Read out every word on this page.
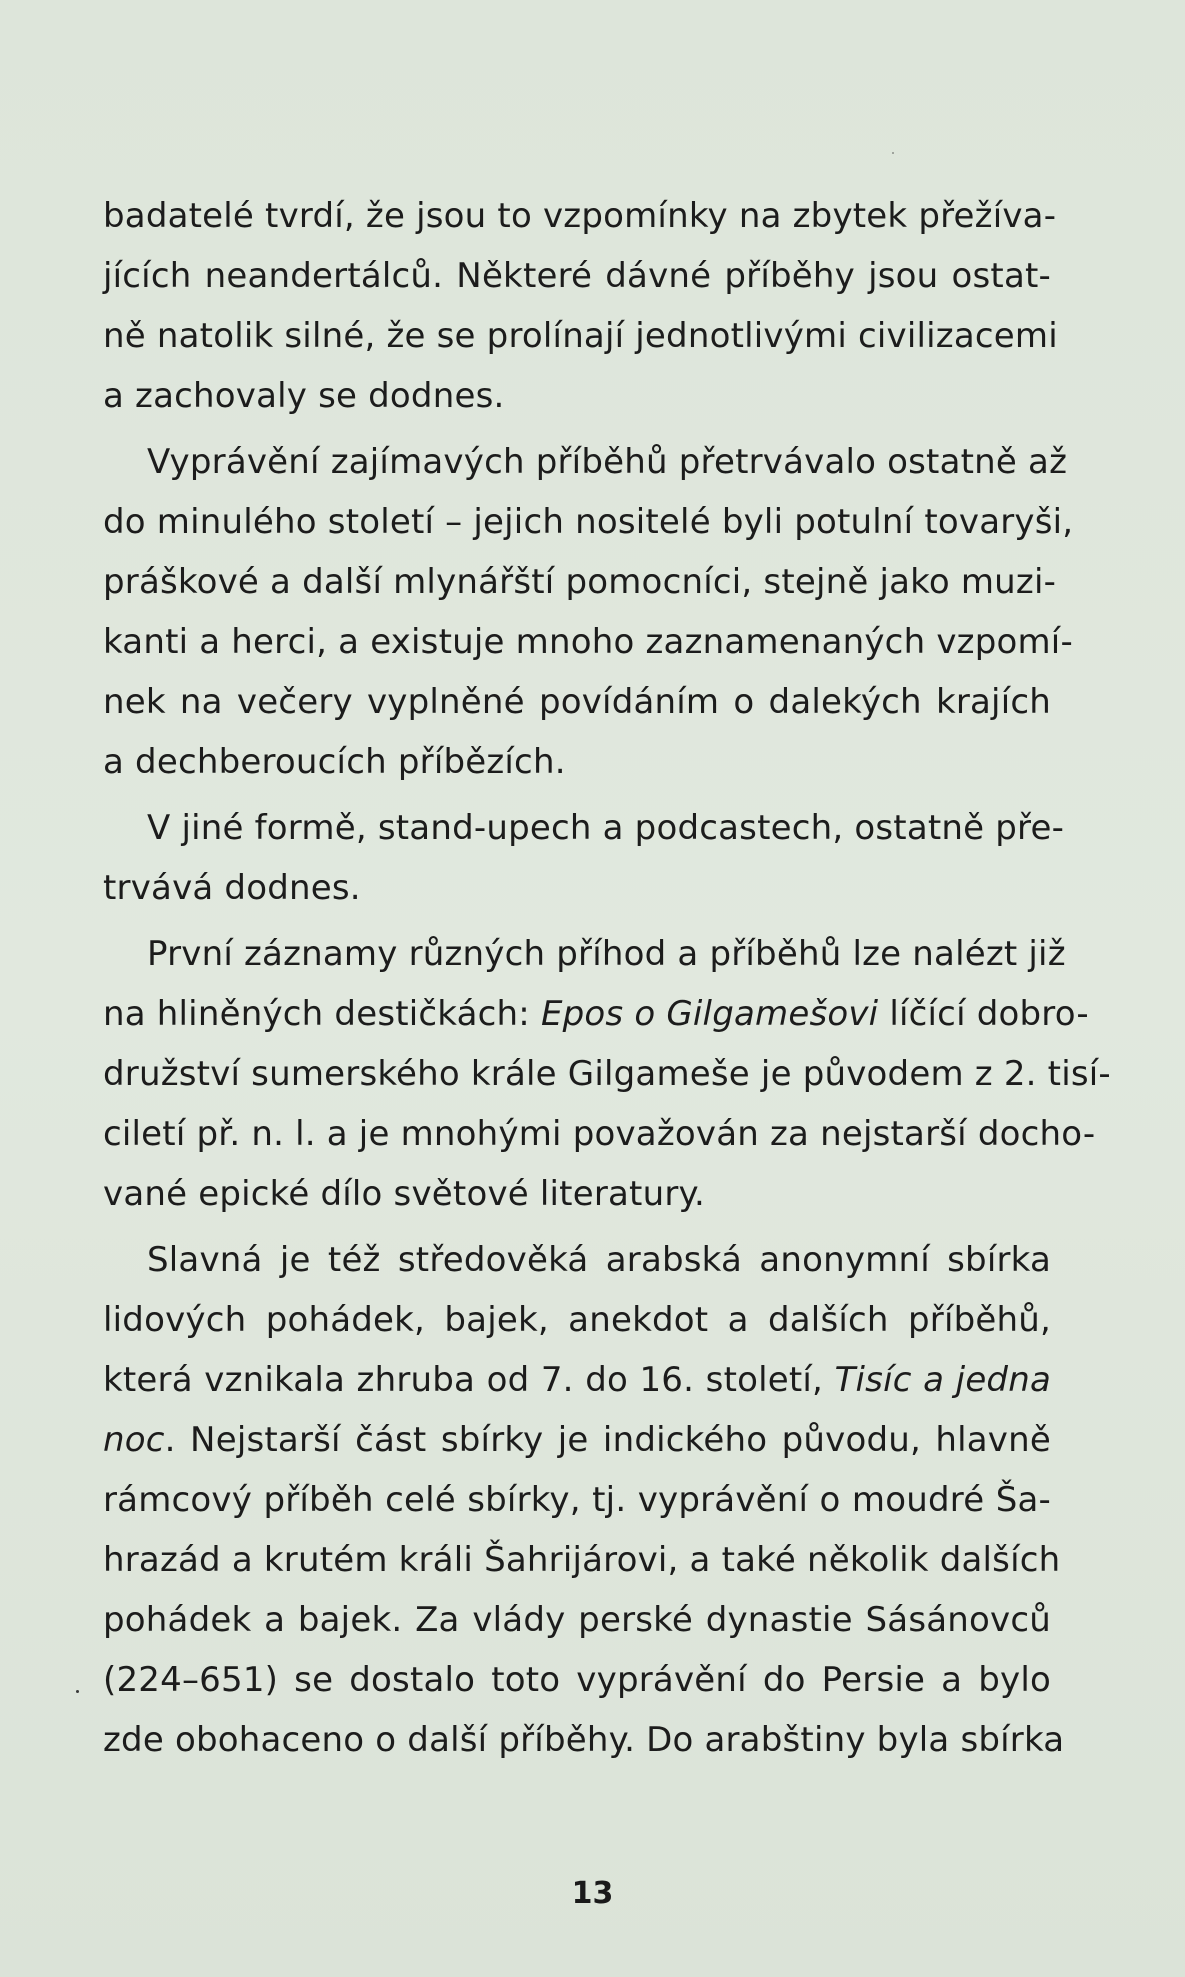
badatelé tvrdí, že jsou to vzpomínky na zbytek přežíva-
jících neandertálců. Některé dávné příběhy jsou ostat-
ně natolik silné, že se prolínají jednotlivými civilizacemi
a zachovaly se dodnes.
Vyprávění zajímavých příběhů přetrvávalo ostatně až
do minulého století – jejich nositelé byli potulní tovaryši,
práškové a další mlynářští pomocníci, stejně jako muzi-
kanti a herci, a existuje mnoho zaznamenaných vzpomí-
nek na večery vyplněné povídáním o dalekých krajích
a dechberoucích příbězích.
V jiné formě, stand-upech a podcastech, ostatně pře-
trvává dodnes.
První záznamy různých příhod a příběhů lze nalézt již
na hliněných destičkách: Epos o Gilgamešovi líčící dobro-
družství sumerského krále Gilgameše je původem z 2. tisí-
ciletí př. n. l. a je mnohými považován za nejstarší docho-
vané epické dílo světové literatury.
Slavná je též středověká arabská anonymní sbírka
lidových pohádek, bajek, anekdot a dalších příběhů,
která vznikala zhruba od 7. do 16. století, Tisíc a jedna
noc. Nejstarší část sbírky je indického původu, hlavně
rámcový příběh celé sbírky, tj. vyprávění o moudré Ša-
hrazád a krutém králi Šahrijárovi, a také několik dalších
pohádek a bajek. Za vlády perské dynastie Sásánovců
(224–651) se dostalo toto vyprávění do Persie a bylo
zde obohaceno o další příběhy. Do arabštiny byla sbírka
13
